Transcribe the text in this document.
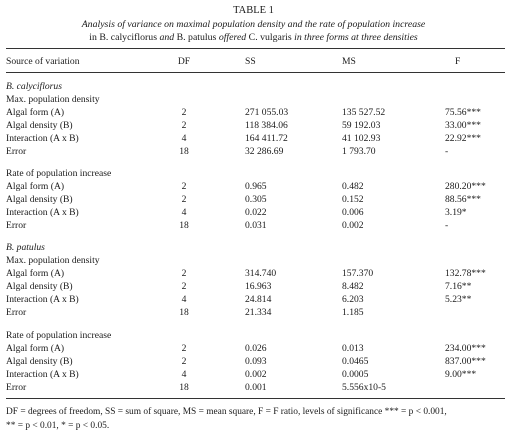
TABLE 1
Analysis of variance on maximal population density and the rate of population increase
in B. calyciflorus and B. patulus offered C. vulgaris in three forms at three densities
Source of variation	DF	SS	MS	F
B. calyciflorus
Max. population density
Algal form (A)	2	271 055.03	135 527.52	75.56***
Algal density (B)	2	118 384.06	59 192.03	33.00***
Interaction (A x B)	4	164 411.72	41 102.93	22.92***
Error	18	32 286.69	1 793.70	-
Rate of population increase
Algal form (A)	2	0.965	0.482	280.20***
Algal density (B)	2	0.305	0.152	88.56***
Interaction (A x B)	4	0.022	0.006	3.19*
Error	18	0.031	0.002	-
B. patulus
Max. population density
Algal form (A)	2	314.740	157.370	132.78***
Algal density (B)	2	16.963	8.482	7.16**
Interaction (A x B)	4	24.814	6.203	5.23**
Error	18	21.334	1.185
Rate of population increase
Algal form (A)	2	0.026	0.013	234.00***
Algal density (B)	2	0.093	0.0465	837.00***
Interaction (A x B)	4	0.002	0.0005	9.00***
Error	18	0.001	5.556x10-5
DF = degrees of freedom, SS = sum of square, MS = mean square, F = F ratio, levels of significance *** = p < 0.001,
** = p < 0.01, * = p < 0.05.
